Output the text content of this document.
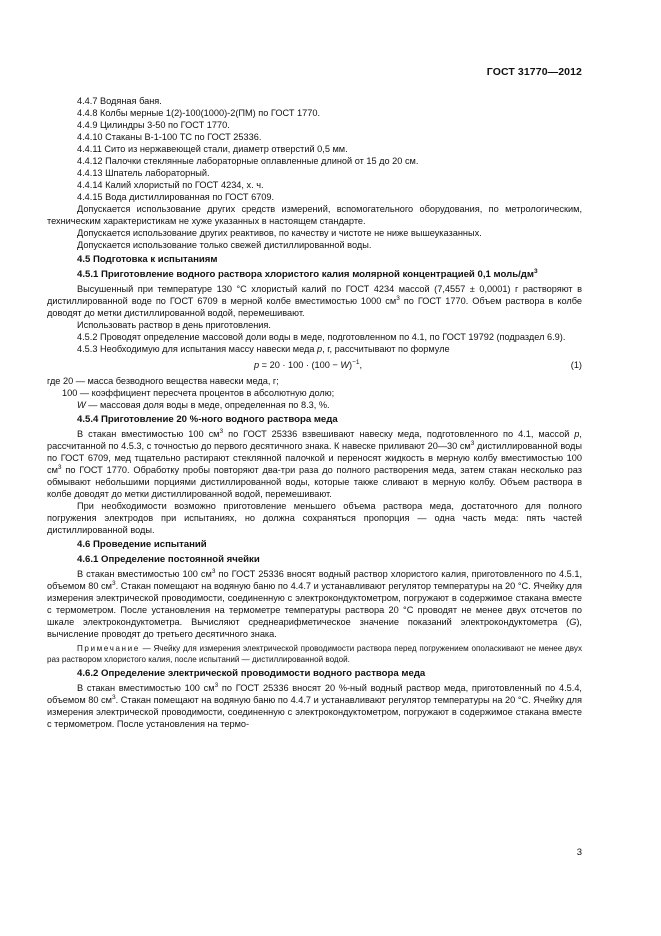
ГОСТ 31770—2012
4.4.7 Водяная баня.
4.4.8 Колбы мерные 1(2)-100(1000)-2(ПМ) по ГОСТ 1770.
4.4.9 Цилиндры 3-50 по ГОСТ 1770.
4.4.10 Стаканы В-1-100 ТС по ГОСТ 25336.
4.4.11 Сито из нержавеющей стали, диаметр отверстий 0,5 мм.
4.4.12 Палочки стеклянные лабораторные оплавленные длиной от 15 до 20 см.
4.4.13 Шпатель лабораторный.
4.4.14 Калий хлористый по ГОСТ 4234, х. ч.
4.4.15 Вода дистиллированная по ГОСТ 6709.
Допускается использование других средств измерений, вспомогательного оборудования, по метрологическим, техническим характеристикам не хуже указанных в настоящем стандарте.
Допускается использование других реактивов, по качеству и чистоте не ниже вышеуказанных.
Допускается использование только свежей дистиллированной воды.
4.5 Подготовка к испытаниям
4.5.1 Приготовление водного раствора хлористого калия молярной концентрацией 0,1 моль/$дм^3$
Высушенный при температуре 130 °С хлористый калий по ГОСТ 4234 массой (7,4557 ± 0,0001) г растворяют в дистиллированной воде по ГОСТ 6709 в мерной колбе вместимостью 1000 $см^3$ по ГОСТ 1770. Объем раствора в колбе доводят до метки дистиллированной водой, перемешивают.
Использовать раствор в день приготовления.
4.5.2 Проводят определение массовой доли воды в меде, подготовленном по 4.1, по ГОСТ 19792 (подраздел 6.9).
4.5.3 Необходимую для испытания массу навески меда p, г, рассчитывают по формуле
$p = 20 \cdot 100 \cdot (100 - W)^{-1}$,	(1)
где 20 — масса безводного вещества навески меда, г;
100 — коэффициент пересчета процентов в абсолютную долю;
W — массовая доля воды в меде, определенная по 8.3, %.
4.5.4 Приготовление 20 %-ного водного раствора меда
В стакан вместимостью 100 $см^3$ по ГОСТ 25336 взвешивают навеску меда, подготовленного по 4.1, массой p, рассчитанной по 4.5.3, с точностью до первого десятичного знака. К навеске приливают 20—30 $см^3$ дистиллированной воды по ГОСТ 6709, мед тщательно растирают стеклянной палочкой и переносят жидкость в мерную колбу вместимостью 100 $см^3$ по ГОСТ 1770. Обработку пробы повторяют два-три раза до полного растворения меда, затем стакан несколько раз обмывают небольшими порциями дистиллированной воды, которые также сливают в мерную колбу. Объем раствора в колбе доводят до метки дистиллированной водой, перемешивают.
При необходимости возможно приготовление меньшего объема раствора меда, достаточного для полного погружения электродов при испытаниях, но должна сохраняться пропорция — одна часть меда: пять частей дистиллированной воды.
4.6 Проведение испытаний
4.6.1 Определение постоянной ячейки
В стакан вместимостью 100 $см^3$ по ГОСТ 25336 вносят водный раствор хлористого калия, приготовленного по 4.5.1, объемом 80 $см^3$. Стакан помещают на водяную баню по 4.4.7 и устанавливают регулятор температуры на 20 °С. Ячейку для измерения электрической проводимости, соединенную с электрокондуктометром, погружают в содержимое стакана вместе с термометром. После установления на термометре температуры раствора 20 °С проводят не менее двух отсчетов по шкале электрокондуктометра. Вычисляют среднеарифметическое значение показаний электрокондуктометра (G), вычисление проводят до третьего десятичного знака.
Примечание — Ячейку для измерения электрической проводимости раствора перед погружением ополаскивают не менее двух раз раствором хлористого калия, после испытаний — дистиллированной водой.
4.6.2 Определение электрической проводимости водного раствора меда
В стакан вместимостью 100 $см^3$ по ГОСТ 25336 вносят 20 %-ный водный раствор меда, приготовленный по 4.5.4, объемом 80 $см^3$. Стакан помещают на водяную баню по 4.4.7 и устанавливают регулятор температуры на 20 °С. Ячейку для измерения электрической проводимости, соединенную с электрокондуктометром, погружают в содержимое стакана вместе с термометром. После установления на термо-
3
